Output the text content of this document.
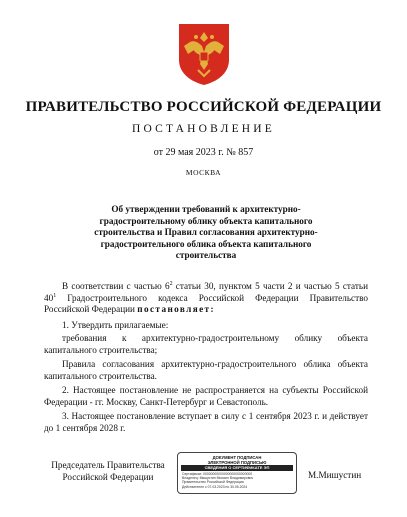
ПРАВИТЕЛЬСТВО РОССИЙСКОЙ ФЕДЕРАЦИИ
ПОСТАНОВЛЕНИЕ
от 29 мая 2023 г. № 857
МОСКВА
Об утверждении требований к архитектурно-градостроительному облику объекта капитального строительства и Правил согласования архитектурно-градостроительного облика объекта капитального строительства
В соответствии с частью $6^2$ статьи 30, пунктом 5 части 2 и частью 5 статьи $40^1$ Градостроительного кодекса Российской Федерации Правительство Российской Федерации постановляет:
1. Утвердить прилагаемые:
требования к архитектурно-градостроительному облику объекта капитального строительства;
Правила согласования архитектурно-градостроительного облика объекта капитального строительства.
2. Настоящее постановление не распространяется на субъекты Российской Федерации - гг. Москву, Санкт-Петербург и Севастополь.
3. Настоящее постановление вступает в силу с 1 сентября 2023 г. и действует до 1 сентября 2028 г.
Председатель Правительства
Российской Федерации
ДОКУМЕНТ ПОДПИСАН
ЭЛЕКТРОННОЙ ПОДПИСЬЮ
СВЕДЕНИЯ О СЕРТИФИКАТЕ ЭП
Сертификат: 00000000000000000000000000
Владелец: Мишустин Михаил Владимирович
Правительство Российской Федерации
Действителен с 07.03.2023 по 30.05.2024
М.Мишустин
